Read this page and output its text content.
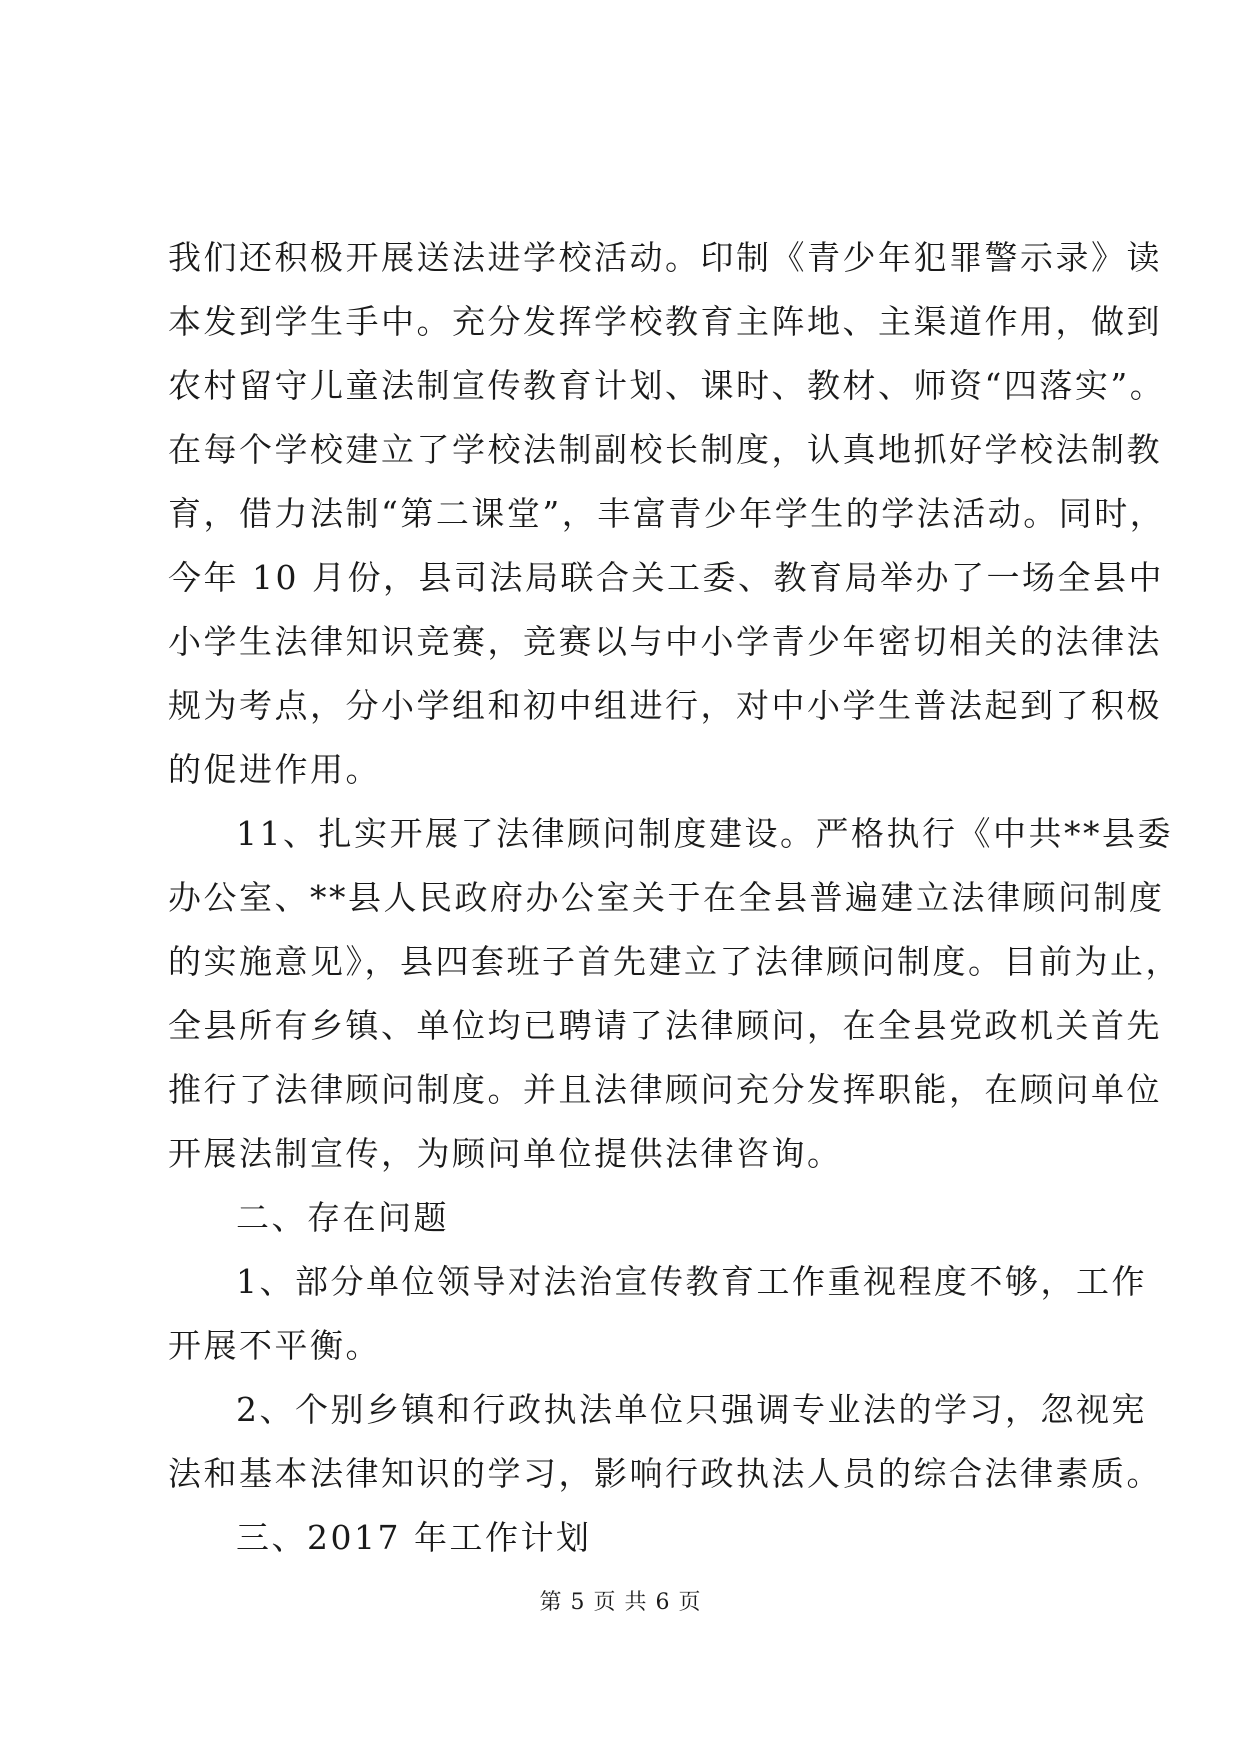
我们还积极开展送法进学校活动。印制《青少年犯罪警示录》读
本发到学生手中。充分发挥学校教育主阵地、主渠道作用，做到
农村留守儿童法制宣传教育计划、课时、教材、师资“四落实”。
在每个学校建立了学校法制副校长制度，认真地抓好学校法制教
育，借力法制“第二课堂”，丰富青少年学生的学法活动。同时，
今年 10 月份，县司法局联合关工委、教育局举办了一场全县中
小学生法律知识竞赛，竞赛以与中小学青少年密切相关的法律法
规为考点，分小学组和初中组进行，对中小学生普法起到了积极
的促进作用。
11、扎实开展了法律顾问制度建设。严格执行《中共**县委
办公室、**县人民政府办公室关于在全县普遍建立法律顾问制度
的实施意见》，县四套班子首先建立了法律顾问制度。目前为止，
全县所有乡镇、单位均已聘请了法律顾问，在全县党政机关首先
推行了法律顾问制度。并且法律顾问充分发挥职能，在顾问单位
开展法制宣传，为顾问单位提供法律咨询。
二、存在问题
1、部分单位领导对法治宣传教育工作重视程度不够，工作
开展不平衡。
2、个别乡镇和行政执法单位只强调专业法的学习，忽视宪
法和基本法律知识的学习，影响行政执法人员的综合法律素质。
三、2017 年工作计划
第 5 页 共 6 页
